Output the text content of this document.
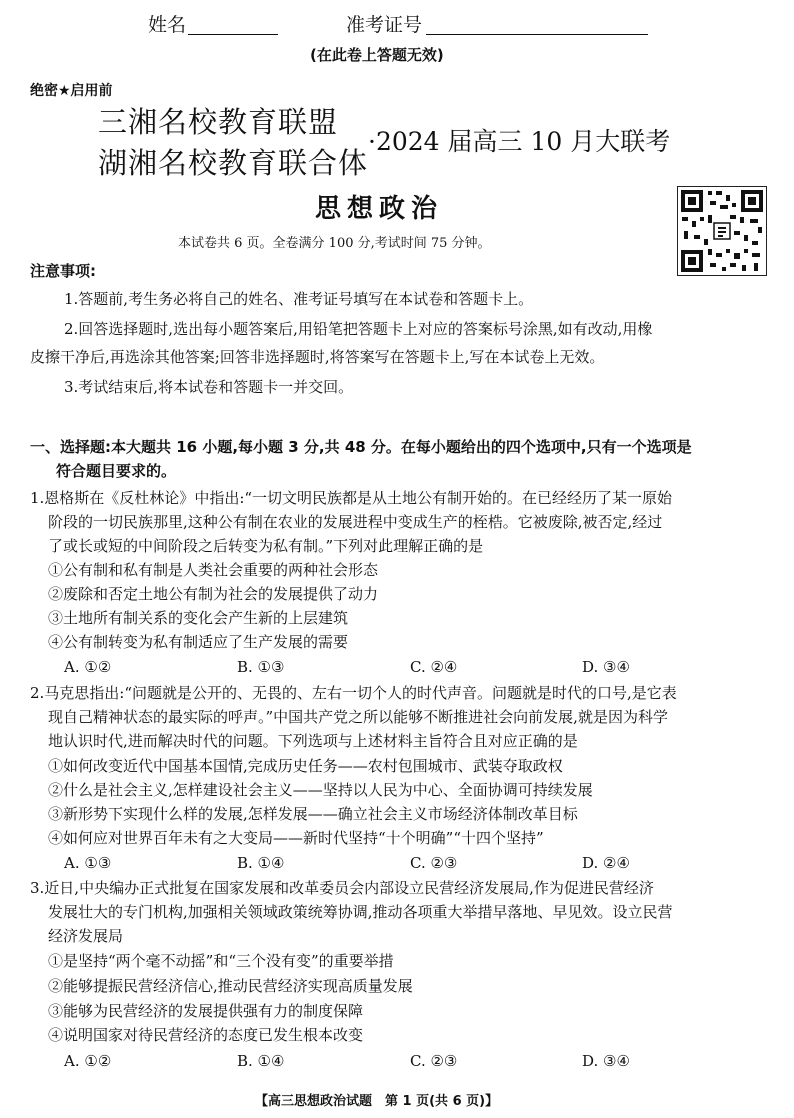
姓名	准考证号
(在此卷上答题无效)
绝密★启用前
三湘名校教育联盟
湖湘名校教育联合体
·2024 届高三 10 月大联考
思想政治
本试卷共 6 页。全卷满分 100 分,考试时间 75 分钟。
注意事项:
1.答题前,考生务必将自己的姓名、准考证号填写在本试卷和答题卡上。
2.回答选择题时,选出每小题答案后,用铅笔把答题卡上对应的答案标号涂黑,如有改动,用橡
皮擦干净后,再选涂其他答案;回答非选择题时,将答案写在答题卡上,写在本试卷上无效。
3.考试结束后,将本试卷和答题卡一并交回。
一、选择题:本大题共 16 小题,每小题 3 分,共 48 分。在每小题给出的四个选项中,只有一个选项是
符合题目要求的。
1.恩格斯在《反杜林论》中指出:“一切文明民族都是从土地公有制开始的。在已经经历了某一原始
阶段的一切民族那里,这种公有制在农业的发展进程中变成生产的桎梏。它被废除,被否定,经过
了或长或短的中间阶段之后转变为私有制。”下列对此理解正确的是
①公有制和私有制是人类社会重要的两种社会形态
②废除和否定土地公有制为社会的发展提供了动力
③土地所有制关系的变化会产生新的上层建筑
④公有制转变为私有制适应了生产发展的需要
A. ①②	B. ①③	C. ②④	D. ③④
2.马克思指出:“问题就是公开的、无畏的、左右一切个人的时代声音。问题就是时代的口号,是它表
现自己精神状态的最实际的呼声。”中国共产党之所以能够不断推进社会向前发展,就是因为科学
地认识时代,进而解决时代的问题。下列选项与上述材料主旨符合且对应正确的是
①如何改变近代中国基本国情,完成历史任务——农村包围城市、武装夺取政权
②什么是社会主义,怎样建设社会主义——坚持以人民为中心、全面协调可持续发展
③新形势下实现什么样的发展,怎样发展——确立社会主义市场经济体制改革目标
④如何应对世界百年未有之大变局——新时代坚持“十个明确”“十四个坚持”
A. ①③	B. ①④	C. ②③	D. ②④
3.近日,中央编办正式批复在国家发展和改革委员会内部设立民营经济发展局,作为促进民营经济
发展壮大的专门机构,加强相关领域政策统筹协调,推动各项重大举措早落地、早见效。设立民营
经济发展局
①是坚持“两个毫不动摇”和“三个没有变”的重要举措
②能够提振民营经济信心,推动民营经济实现高质量发展
③能够为民营经济的发展提供强有力的制度保障
④说明国家对待民营经济的态度已发生根本改变
A. ①②	B. ①④	C. ②③	D. ③④
【高三思想政治试题　第 1 页(共 6 页)】
